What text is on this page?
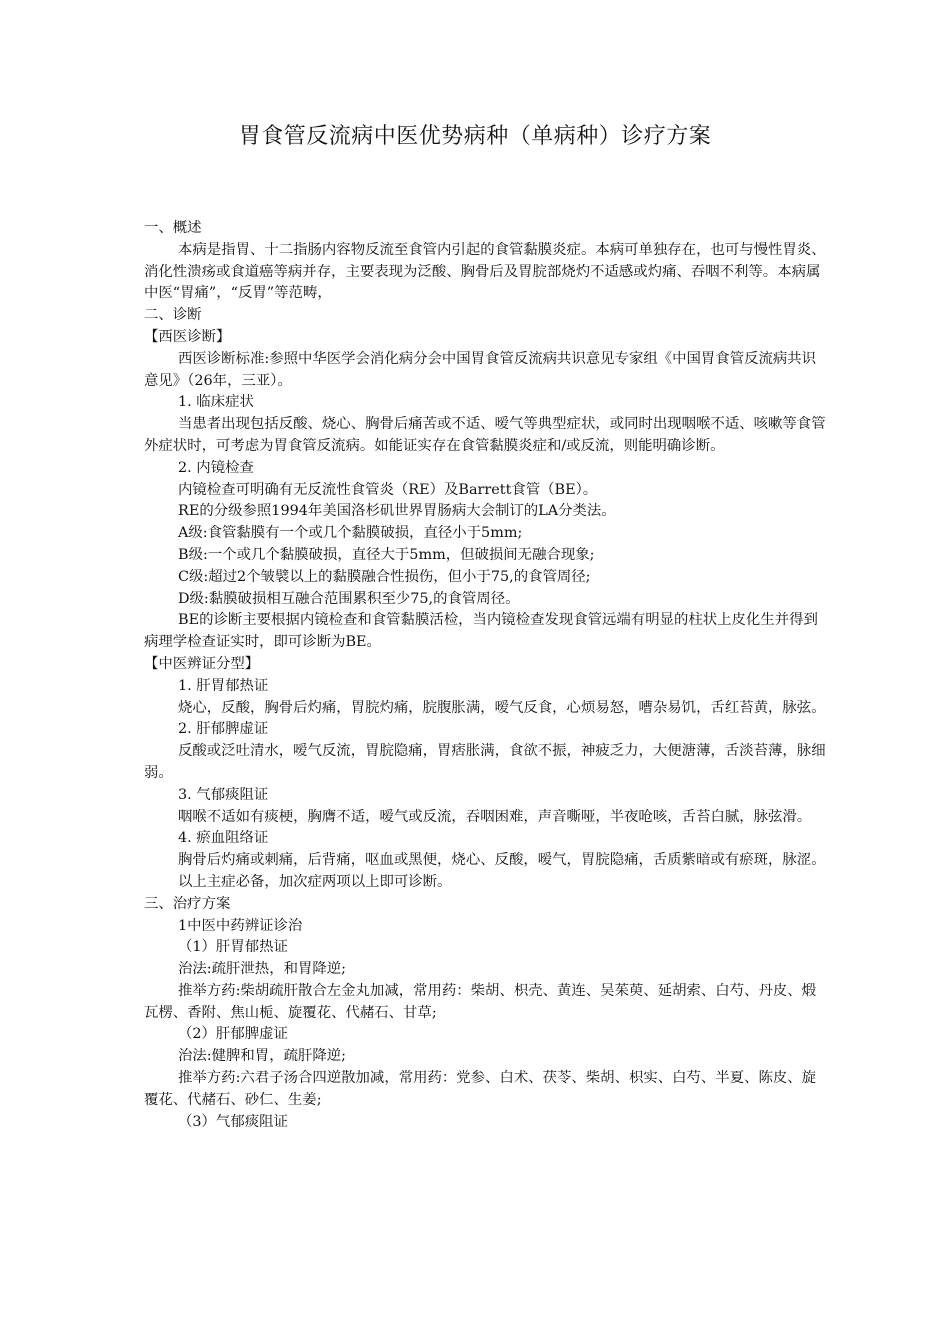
胃食管反流病中医优势病种（单病种）诊疗方案

一、概述

本病是指胃、十二指肠内容物反流至食管内引起的食管黏膜炎症。本病可单独存在，也可与慢性胃炎、消化性溃疡或食道癌等病并存，主要表现为泛酸、胸骨后及胃脘部烧灼不适感或灼痛、吞咽不利等。本病属中医“胃痛”，“反胃”等范畴，

二、诊断

【西医诊断】

西医诊断标准:参照中华医学会消化病分会中国胃食管反流病共识意见专家组《中国胃食管反流病共识意见》（26年，三亚）。

1. 临床症状

当患者出现包括反酸、烧心、胸骨后痛苦或不适、嗳气等典型症状，或同时出现咽喉不适、咳嗽等食管外症状时，可考虑为胃食管反流病。如能证实存在食管黏膜炎症和/或反流，则能明确诊断。

2. 内镜检查

内镜检查可明确有无反流性食管炎（RE）及Barrett食管（BE）。

RE的分级参照1994年美国洛杉矶世界胃肠病大会制订的LA分类法。

A级:食管黏膜有一个或几个黏膜破损，直径小于5mm;

B级:一个或几个黏膜破损，直径大于5mm，但破损间无融合现象;

C级:超过2个皱襞以上的黏膜融合性损伤，但小于75,的食管周径;

D级:黏膜破损相互融合范围累积至少75,的食管周径。

BE的诊断主要根据内镜检查和食管黏膜活检，当内镜检查发现食管远端有明显的柱状上皮化生并得到病理学检查证实时，即可诊断为BE。

【中医辨证分型】

1. 肝胃郁热证

烧心，反酸，胸骨后灼痛，胃脘灼痛，脘腹胀满，嗳气反食，心烦易怒，嘈杂易饥，舌红苔黄，脉弦。

2. 肝郁脾虚证

反酸或泛吐清水，嗳气反流，胃脘隐痛，胃痞胀满，食欲不振，神疲乏力，大便溏薄，舌淡苔薄，脉细弱。

3. 气郁痰阻证

咽喉不适如有痰梗，胸膺不适，嗳气或反流，吞咽困难，声音嘶哑，半夜呛咳，舌苔白腻，脉弦滑。

4. 瘀血阻络证

胸骨后灼痛或刺痛，后背痛，呕血或黑便，烧心、反酸，嗳气，胃脘隐痛，舌质紫暗或有瘀斑，脉涩。

以上主症必备，加次症两项以上即可诊断。

三、治疗方案

1中医中药辨证诊治

（1）肝胃郁热证

治法:疏肝泄热，和胃降逆;

推举方药:柴胡疏肝散合左金丸加减，常用药：柴胡、枳壳、黄连、吴茱萸、延胡索、白芍、丹皮、煅瓦楞、香附、焦山栀、旋覆花、代赭石、甘草;

（2）肝郁脾虚证

治法:健脾和胃，疏肝降逆;

推举方药:六君子汤合四逆散加减，常用药：党参、白术、茯苓、柴胡、枳实、白芍、半夏、陈皮、旋覆花、代赭石、砂仁、生姜;

（3）气郁痰阻证
